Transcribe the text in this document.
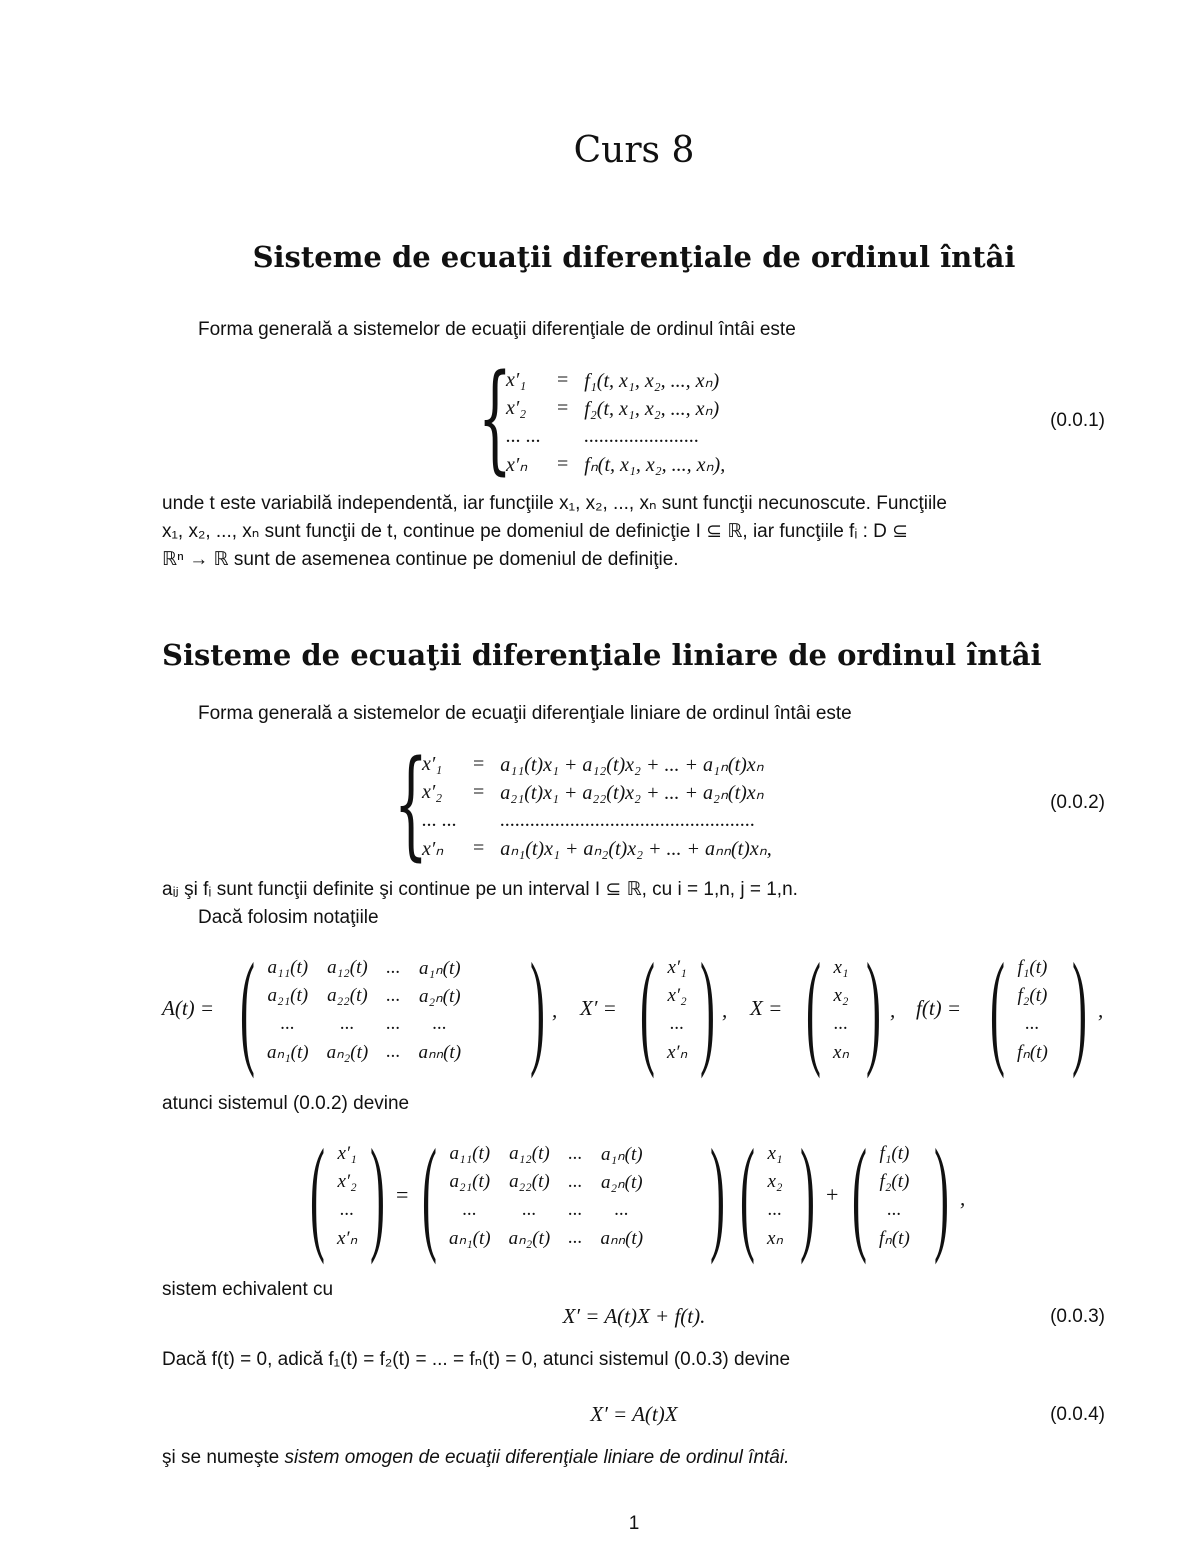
Curs 8
Sisteme de ecuaţii diferenţiale de ordinul întâi
Forma generală a sistemelor de ecuaţii diferenţiale de ordinul întâi este
{
x′₁	=	f₁(t, x₁, x₂, ..., xₙ)
x′₂	=	f₂(t, x₁, x₂, ..., xₙ)
... ...		.......................
x′ₙ	=	fₙ(t, x₁, x₂, ..., xₙ),
(0.0.1)
unde t este variabilă independentă, iar funcţiile x₁, x₂, ..., xₙ sunt funcţii necunoscute. Funcţiile
x₁, x₂, ..., xₙ sunt funcţii de t, continue pe domeniul de definicţie I ⊆ ℝ, iar funcţiile fᵢ : D ⊆
ℝⁿ → ℝ sunt de asemenea continue pe domeniul de definiţie.
Sisteme de ecuaţii diferenţiale liniare de ordinul întâi
Forma generală a sistemelor de ecuaţii diferenţiale liniare de ordinul întâi este
{
x′₁	=	a₁₁(t)x₁ + a₁₂(t)x₂ + ... + a₁ₙ(t)xₙ
x′₂	=	a₂₁(t)x₁ + a₂₂(t)x₂ + ... + a₂ₙ(t)xₙ
... ...		...................................................
x′ₙ	=	aₙ₁(t)x₁ + aₙ₂(t)x₂ + ... + aₙₙ(t)xₙ,
(0.0.2)
aᵢⱼ şi fᵢ sunt funcţii definite şi continue pe un interval I ⊆ ℝ, cu i = 1,n, j = 1,n.
Dacă folosim notaţiile
A(t) = ( a₁₁(t)	a₁₂(t)	...	a₁ₙ(t)
a₂₁(t)	a₂₂(t)	...	a₂ₙ(t)
...	...	...	...
aₙ₁(t)	aₙ₂(t)	...	aₙₙ(t) ) , X′ = ( x′₁
x′₂
...
x′ₙ ) , X = ( x₁
x₂
...
xₙ ) , f(t) = ( f₁(t)
f₂(t)
...
fₙ(t) ) ,
atunci sistemul (0.0.2) devine
( x′₁
x′₂
...
x′ₙ ) = ( a₁₁(t)	a₁₂(t)	...	a₁ₙ(t)
a₂₁(t)	a₂₂(t)	...	a₂ₙ(t)
...	...	...	...
aₙ₁(t)	aₙ₂(t)	...	aₙₙ(t) ) ( x₁
x₂
...
xₙ ) + ( f₁(t)
f₂(t)
...
fₙ(t) ) ,
sistem echivalent cu
X′ = A(t)X + f(t).	(0.0.3)
Dacă f(t) = 0, adică f₁(t) = f₂(t) = ... = fₙ(t) = 0, atunci sistemul (0.0.3) devine
X′ = A(t)X	(0.0.4)
şi se numeşte sistem omogen de ecuaţii diferenţiale liniare de ordinul întâi.
1
